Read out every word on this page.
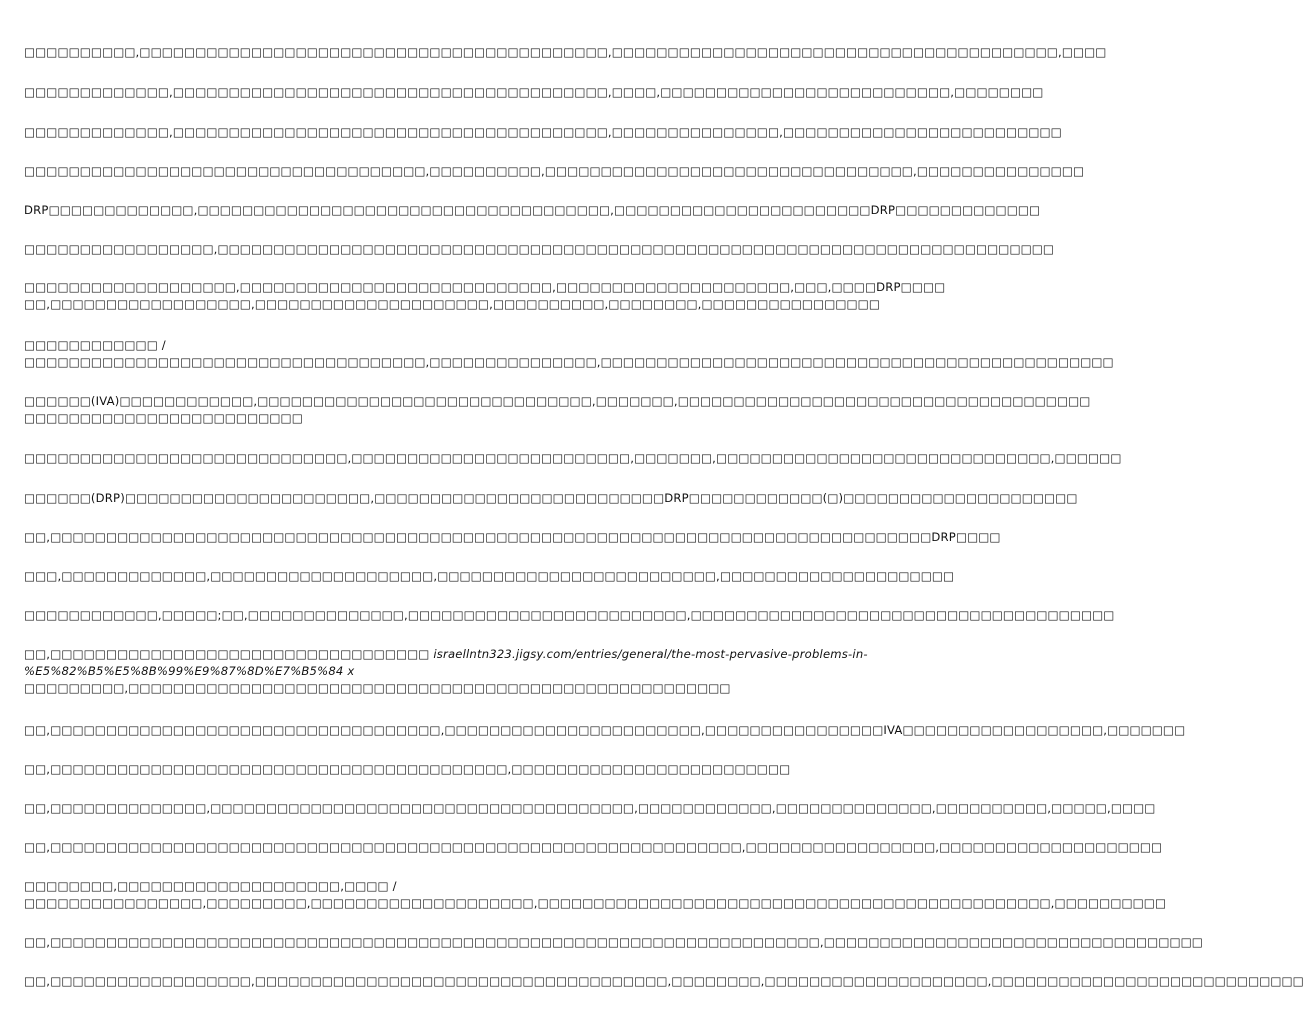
□□□□□□□□□□,□□□□□□□□□□□□□□□□□□□□□□□□□□□□□□□□□□□□□□□□□□,□□□□□□□□□□□□□□□□□□□□□□□□□□□□□□□□□□□□□□□□,□□□□
□□□□□□□□□□□□□,□□□□□□□□□□□□□□□□□□□□□□□□□□□□□□□□□□□□□□□,□□□□,□□□□□□□□□□□□□□□□□□□□□□□□□□,□□□□□□□□
□□□□□□□□□□□□□,□□□□□□□□□□□□□□□□□□□□□□□□□□□□□□□□□□□□□□□,□□□□□□□□□□□□□□□,□□□□□□□□□□□□□□□□□□□□□□□□□
□□□□□□□□□□□□□□□□□□□□□□□□□□□□□□□□□□□□,□□□□□□□□□□,□□□□□□□□□□□□□□□□□□□□□□□□□□□□□□□□□,□□□□□□□□□□□□□□□
DRP□□□□□□□□□□□□□,□□□□□□□□□□□□□□□□□□□□□□□□□□□□□□□□□□□□□,□□□□□□□□□□□□□□□□□□□□□□□DRP□□□□□□□□□□□□□
□□□□□□□□□□□□□□□□□,□□□□□□□□□□□□□□□□□□□□□□□□□□□□□□□□□□□□□□□□□□□□□□□□□□□□□□□□□□□□□□□□□□□□□□□□□□□
□□□□□□□□□□□□□□□□□□□,□□□□□□□□□□□□□□□□□□□□□□□□□□□□,□□□□□□□□□□□□□□□□□□□□□,□□□,□□□□DRP□□□□
□□,□□□□□□□□□□□□□□□□□□,□□□□□□□□□□□□□□□□□□□□□,□□□□□□□□□□,□□□□□□□□,□□□□□□□□□□□□□□□□
□□□□□□□□□□□□ /
□□□□□□□□□□□□□□□□□□□□□□□□□□□□□□□□□□□□,□□□□□□□□□□□□□□□,□□□□□□□□□□□□□□□□□□□□□□□□□□□□□□□□□□□□□□□□□□□□□□
□□□□□□(IVA)□□□□□□□□□□□□,□□□□□□□□□□□□□□□□□□□□□□□□□□□□□□,□□□□□□□,□□□□□□□□□□□□□□□□□□□□□□□□□□□□□□□□□□□□□
□□□□□□□□□□□□□□□□□□□□□□□□□
□□□□□□□□□□□□□□□□□□□□□□□□□□□□□,□□□□□□□□□□□□□□□□□□□□□□□□□,□□□□□□□,□□□□□□□□□□□□□□□□□□□□□□□□□□□□□□,□□□□□□
□□□□□□(DRP)□□□□□□□□□□□□□□□□□□□□□□,□□□□□□□□□□□□□□□□□□□□□□□□□□DRP□□□□□□□□□□□□(□)□□□□□□□□□□□□□□□□□□□□□
□□,□□□□□□□□□□□□□□□□□□□□□□□□□□□□□□□□□□□□□□□□□□□□□□□□□□□□□□□□□□□□□□□□□□□□□□□□□□□□□□□DRP□□□□
□□□,□□□□□□□□□□□□□,□□□□□□□□□□□□□□□□□□□□,□□□□□□□□□□□□□□□□□□□□□□□□□,□□□□□□□□□□□□□□□□□□□□□
□□□□□□□□□□□□,□□□□□;□□,□□□□□□□□□□□□□□,□□□□□□□□□□□□□□□□□□□□□□□□□,□□□□□□□□□□□□□□□□□□□□□□□□□□□□□□□□□□□□□□
□□,□□□□□□□□□□□□□□□□□□□□□□□□□□□□□□□□□□ israellntn323.jigsy.com/entries/general/the-most-pervasive-problems-in-
%E5%82%B5%E5%8B%99%E9%87%8D%E7%B5%84 x
□□□□□□□□□,□□□□□□□□□□□□□□□□□□□□□□□□□□□□□□□□□□□□□□□□□□□□□□□□□□□□□□
□□,□□□□□□□□□□□□□□□□□□□□□□□□□□□□□□□□□□□,□□□□□□□□□□□□□□□□□□□□□□□,□□□□□□□□□□□□□□□□IVA□□□□□□□□□□□□□□□□□□,□□□□□□□
□□,□□□□□□□□□□□□□□□□□□□□□□□□□□□□□□□□□□□□□□□□□,□□□□□□□□□□□□□□□□□□□□□□□□□
□□,□□□□□□□□□□□□□□,□□□□□□□□□□□□□□□□□□□□□□□□□□□□□□□□□□□□□□,□□□□□□□□□□□□,□□□□□□□□□□□□□□,□□□□□□□□□□,□□□□□,□□□□
□□,□□□□□□□□□□□□□□□□□□□□□□□□□□□□□□□□□□□□□□□□□□□□□□□□□□□□□□□□□□□□□□,□□□□□□□□□□□□□□□□□,□□□□□□□□□□□□□□□□□□□□
□□□□□□□□,□□□□□□□□□□□□□□□□□□□□,□□□□ /
□□□□□□□□□□□□□□□□,□□□□□□□□□,□□□□□□□□□□□□□□□□□□□□,□□□□□□□□□□□□□□□□□□□□□□□□□□□□□□□□□□□□□□□□□□□□□□,□□□□□□□□□□
□□,□□□□□□□□□□□□□□□□□□□□□□□□□□□□□□□□□□□□□□□□□□□□□□□□□□□□□□□□□□□□□□□□□□□□□,□□□□□□□□□□□□□□□□□□□□□□□□□□□□□□□□□□
□□,□□□□□□□□□□□□□□□□□□,□□□□□□□□□□□□□□□□□□□□□□□□□□□□□□□□□□□□□,□□□□□□□□,□□□□□□□□□□□□□□□□□□□□,□□□□□□□□□□□□□□□□□□□□□□□□□□□□
